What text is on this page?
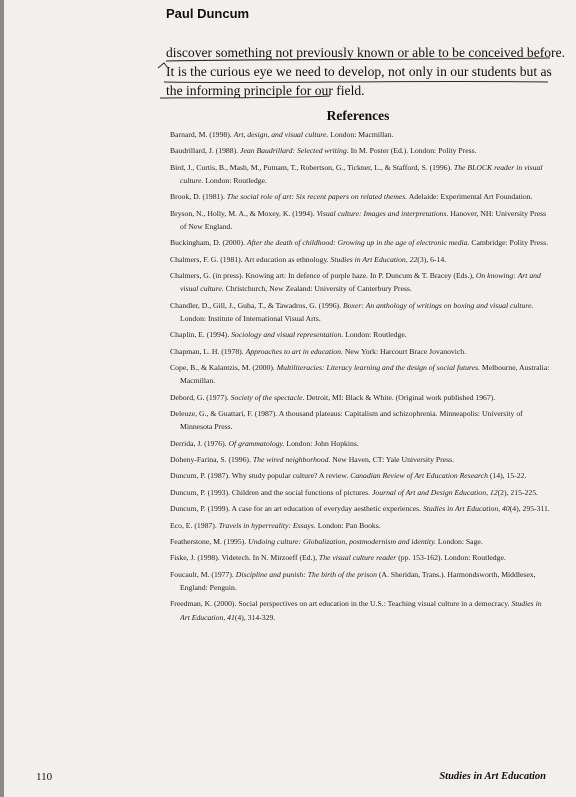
Paul Duncum

discover something not previously known or able to be conceived before.

It is the curious eye we need to develop, not only in our students but as

the informing principle for our field.

References
Barnard, M. (1998). Art, design, and visual culture. London: Macmillan.
Baudrillard, J. (1988). Jean Baudrillard: Selected writing. In M. Poster (Ed.). London: Polity Press.
Bird, J., Curtis, B., Mash, M., Putnam, T., Robertson, G., Tickner, L., & Stafford, S. (1996). The BLOCK reader in visual culture. London: Routledge.
Brook, D. (1981). The social role of art: Six recent papers on related themes. Adelaide: Experimental Art Foundation.
Bryson, N., Holly, M. A., & Moxey, K. (1994). Visual culture: Images and interpretations. Hanover, NH: University Press of New England.
Buckingham, D. (2000). After the death of childhood: Growing up in the age of electronic media. Cambridge: Polity Press.
Chalmers, F. G. (1981). Art education as ethnology. Studies in Art Education, 22(3), 6-14.
Chalmers, G. (in press). Knowing art: In defence of purple haze. In P. Duncum & T. Bracey (Eds.), On knowing: Art and visual culture. Christchurch, New Zealand: University of Canterbury Press.
Chandler, D., Gill, J., Guha, T., & Tawadros, G. (1996). Boxer: An anthology of writings on boxing and visual culture. London: Institute of International Visual Arts.
Chaplin, E. (1994). Sociology and visual representation. London: Routledge.
Chapman, L. H. (1978). Approaches to art in education. New York: Harcourt Brace Jovanovich.
Cope, B., & Kalantzis, M. (2000). Multiliteracies: Literacy learning and the design of social futures. Melbourne, Australia: Macmillan.
Debord, G. (1977). Society of the spectacle. Detroit, MI: Black & White. (Original work published 1967).
Deleuze, G., & Guattari, F. (1987). A thousand plateaus: Capitalism and schizophrenia. Minneapolis: University of Minnesota Press.
Derrida, J. (1976). Of grammatology. London: John Hopkins.
Doheny-Farina, S. (1996). The wired neighborhood. New Haven, CT: Yale University Press.
Duncum, P. (1987). Why study popular culture? A review. Canadian Review of Art Education Research (14), 15-22.
Duncum, P. (1993). Children and the social functions of pictures. Journal of Art and Design Education, 12(2), 215-225.
Duncum, P. (1999). A case for an art education of everyday aesthetic experiences. Studies in Art Education, 40(4), 295-311.
Eco, E. (1987). Travels in hyperreality: Essays. London: Pan Books.
Featherstone, M. (1995). Undoing culture: Globalization, postmodernism and identity. London: Sage.
Fiske, J. (1998). Videtech. In N. Mirzoeff (Ed.), The visual culture reader (pp. 153-162). London: Routledge.
Foucault, M. (1977). Discipline and punish: The birth of the prison (A. Sheridan, Trans.). Harmondsworth, Middlesex, England: Penguin.
Freedman, K. (2000). Social perspectives on art education in the U.S.: Teaching visual culture in a democracy. Studies in Art Education, 41(4), 314-329.
110	Studies in Art Education
